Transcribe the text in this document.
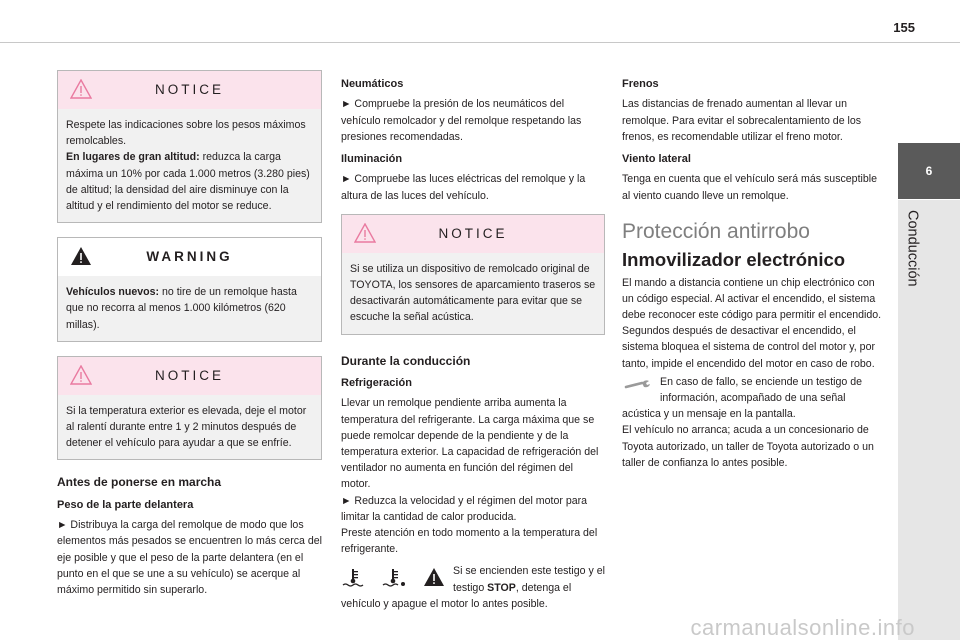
155
6
Conducción
NOTICE

Respete las indicaciones sobre los pesos máximos remolcables.

En lugares de gran altitud: reduzca la carga máxima un 10% por cada 1.000 metros (3.280 pies) de altitud; la densidad del aire disminuye con la altitud y el rendimiento del motor se reduce.

WARNING

Vehículos nuevos: no tire de un remolque hasta que no recorra al menos 1.000 kilómetros (620 millas).

NOTICE

Si la temperatura exterior es elevada, deje el motor al ralentí durante entre 1 y 2 minutos después de detener el vehículo para ayudar a que se enfríe.

Antes de ponerse en marcha
Peso de la parte delantera

► Distribuya la carga del remolque de modo que los elementos más pesados se encuentren lo más cerca del eje posible y que el peso de la parte delantera (en el punto en el que se une a su vehículo) se acerque al máximo permitido sin superarlo.

Neumáticos

► Compruebe la presión de los neumáticos del vehículo remolcador y del remolque respetando las presiones recomendadas.

Iluminación

► Compruebe las luces eléctricas del remolque y la altura de las luces del vehículo.

NOTICE

Si se utiliza un dispositivo de remolcado original de TOYOTA, los sensores de aparcamiento traseros se desactivarán automáticamente para evitar que se escuche la señal acústica.

Durante la conducción
Refrigeración

Llevar un remolque pendiente arriba aumenta la temperatura del refrigerante. La carga máxima que se puede remolcar depende de la pendiente y de la temperatura exterior. La capacidad de refrigeración del ventilador no aumenta en función del régimen del motor.

► Reduzca la velocidad y el régimen del motor para limitar la cantidad de calor producida.

Preste atención en todo momento a la temperatura del refrigerante.

Si se encienden este testigo y el testigo STOP, detenga el vehículo y apague el motor lo antes posible.

Frenos

Las distancias de frenado aumentan al llevar un remolque. Para evitar el sobrecalentamiento de los frenos, es recomendable utilizar el freno motor.

Viento lateral

Tenga en cuenta que el vehículo será más susceptible al viento cuando lleve un remolque.

Protección antirrobo
Inmovilizador electrónico

El mando a distancia contiene un chip electrónico con un código especial. Al activar el encendido, el sistema debe reconocer este código para permitir el encendido. Segundos después de desactivar el encendido, el sistema bloquea el sistema de control del motor y, por tanto, impide el encendido del motor en caso de robo.

En caso de fallo, se enciende un testigo de información, acompañado de una señal acústica y un mensaje en la pantalla.

El vehículo no arranca; acuda a un concesionario de Toyota autorizado, un taller de Toyota autorizado o un taller de confianza lo antes posible.

carmanualsonline.info
